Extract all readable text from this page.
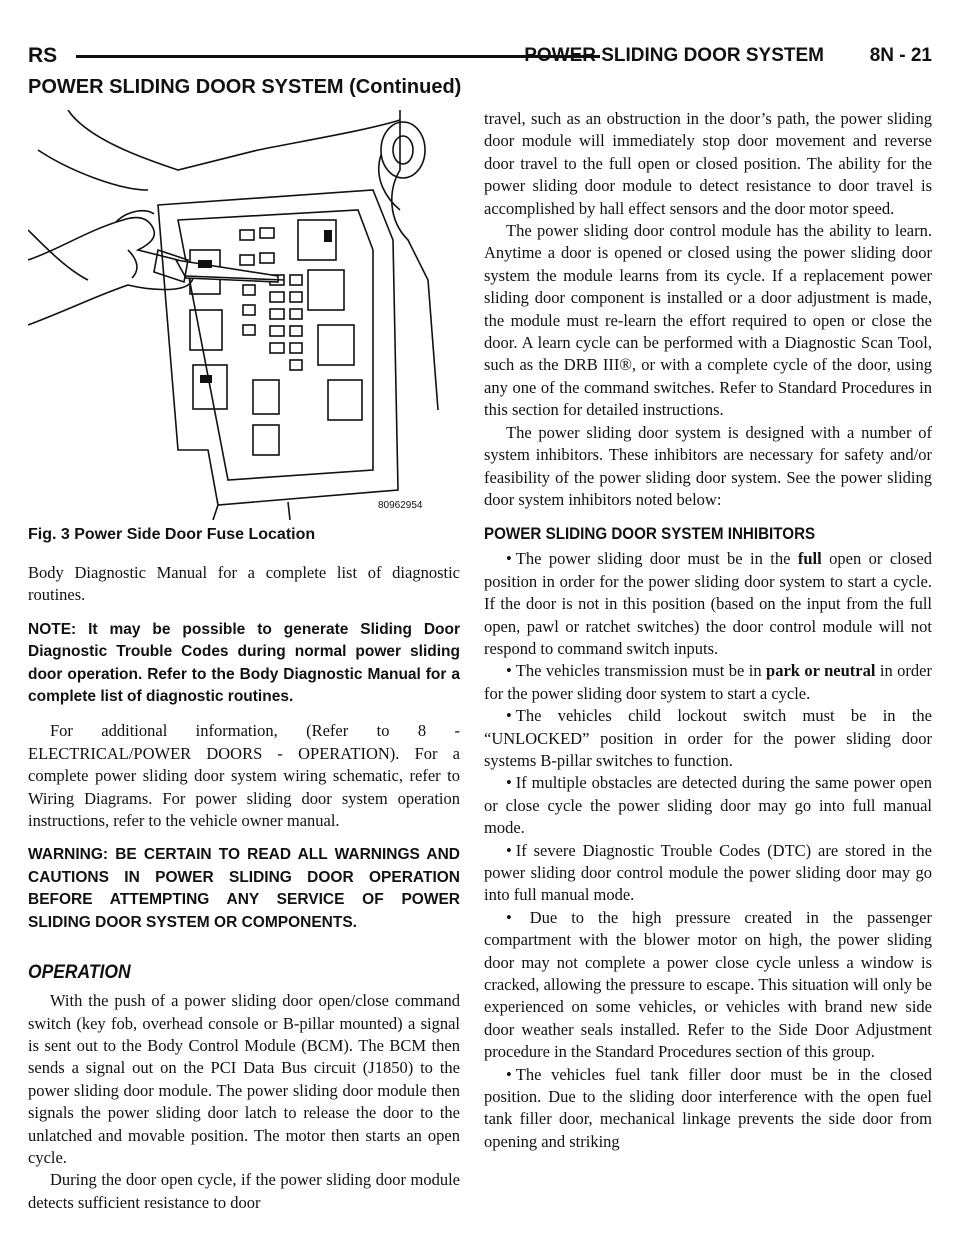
RS	POWER SLIDING DOOR SYSTEM 8N - 21
POWER SLIDING DOOR SYSTEM (Continued)
80962954
Fig. 3 Power Side Door Fuse Location

Body Diagnostic Manual for a complete list of diagnostic routines.

NOTE: It may be possible to generate Sliding Door Diagnostic Trouble Codes during normal power sliding door operation. Refer to the Body Diagnostic Manual for a complete list of diagnostic routines.

For additional information, (Refer to 8 - ELECTRICAL/POWER DOORS - OPERATION). For a complete power sliding door system wiring schematic, refer to Wiring Diagrams. For power sliding door system operation instructions, refer to the vehicle owner manual.

WARNING: BE CERTAIN TO READ ALL WARNINGS AND CAUTIONS IN POWER SLIDING DOOR OPERATION BEFORE ATTEMPTING ANY SERVICE OF POWER SLIDING DOOR SYSTEM OR COMPONENTS.

OPERATION

With the push of a power sliding door open/close command switch (key fob, overhead console or B-pillar mounted) a signal is sent out to the Body Control Module (BCM). The BCM then sends a signal out on the PCI Data Bus circuit (J1850) to the power sliding door module. The power sliding door module then signals the power sliding door latch to release the door to the unlatched and movable position. The motor then starts an open cycle.

During the door open cycle, if the power sliding door module detects sufficient resistance to door

travel, such as an obstruction in the door’s path, the power sliding door module will immediately stop door movement and reverse door travel to the full open or closed position. The ability for the power sliding door module to detect resistance to door travel is accomplished by hall effect sensors and the door motor speed.

The power sliding door control module has the ability to learn. Anytime a door is opened or closed using the power sliding door system the module learns from its cycle. If a replacement power sliding door component is installed or a door adjustment is made, the module must re-learn the effort required to open or close the door. A learn cycle can be performed with a Diagnostic Scan Tool, such as the DRB III®, or with a complete cycle of the door, using any one of the command switches. Refer to Standard Procedures in this section for detailed instructions.

The power sliding door system is designed with a number of system inhibitors. These inhibitors are necessary for safety and/or feasibility of the power sliding door system. See the power sliding door system inhibitors noted below:

POWER SLIDING DOOR SYSTEM INHIBITORS

• The power sliding door must be in the full open or closed position in order for the power sliding door system to start a cycle. If the door is not in this position (based on the input from the full open, pawl or ratchet switches) the door control module will not respond to command switch inputs.

• The vehicles transmission must be in park or neutral in order for the power sliding door system to start a cycle.

• The vehicles child lockout switch must be in the “UNLOCKED” position in order for the power sliding door systems B-pillar switches to function.

• If multiple obstacles are detected during the same power open or close cycle the power sliding door may go into full manual mode.

• If severe Diagnostic Trouble Codes (DTC) are stored in the power sliding door control module the power sliding door may go into full manual mode.

• Due to the high pressure created in the passenger compartment with the blower motor on high, the power sliding door may not complete a power close cycle unless a window is cracked, allowing the pressure to escape. This situation will only be experienced on some vehicles, or vehicles with brand new side door weather seals installed. Refer to the Side Door Adjustment procedure in the Standard Procedures section of this group.

• The vehicles fuel tank filler door must be in the closed position. Due to the sliding door interference with the open fuel tank filler door, mechanical linkage prevents the side door from opening and striking
